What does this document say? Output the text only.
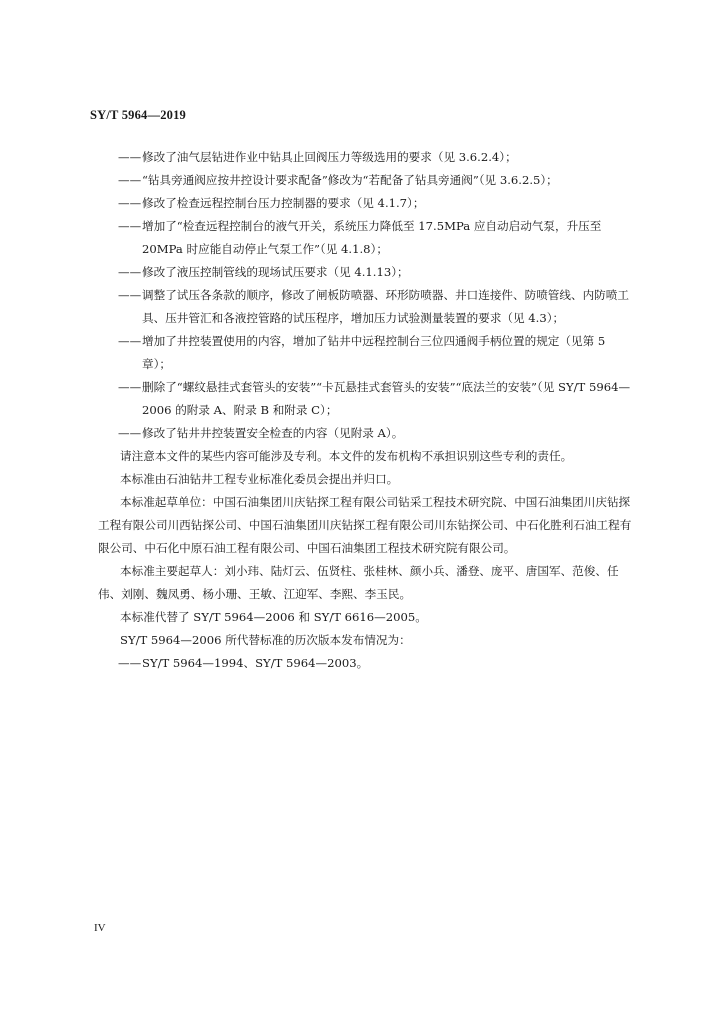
SY/T 5964—2019
—— 修改了油气层钻进作业中钻具止回阀压力等级选用的要求（见 3.6.2.4）；
—— “钻具旁通阀应按井控设计要求配备”修改为“若配备了钻具旁通阀”（见 3.6.2.5）；
—— 修改了检查远程控制台压力控制器的要求（见 4.1.7）；
—— 增加了“检查远程控制台的液气开关，系统压力降低至 17.5MPa 应自动启动气泵，升压至 20MPa 时应能自动停止气泵工作”（见 4.1.8）；
—— 修改了液压控制管线的现场试压要求（见 4.1.13）；
—— 调整了试压各条款的顺序，修改了闸板防喷器、环形防喷器、井口连接件、防喷管线、内防喷工具、压井管汇和各液控管路的试压程序，增加压力试验测量装置的要求（见 4.3）；
—— 增加了井控装置使用的内容，增加了钻井中远程控制台三位四通阀手柄位置的规定（见第 5 章）；
—— 删除了“螺纹悬挂式套管头的安装”“卡瓦悬挂式套管头的安装”“底法兰的安装”（见 SY/T 5964—2006 的附录 A、附录 B 和附录 C）；
—— 修改了钻井井控装置安全检查的内容（见附录 A）。
请注意本文件的某些内容可能涉及专利。本文件的发布机构不承担识别这些专利的责任。
本标准由石油钻井工程专业标准化委员会提出并归口。
本标准起草单位：中国石油集团川庆钻探工程有限公司钻采工程技术研究院、中国石油集团川庆钻探工程有限公司川西钻探公司、中国石油集团川庆钻探工程有限公司川东钻探公司、中石化胜利石油工程有限公司、中石化中原石油工程有限公司、中国石油集团工程技术研究院有限公司。
本标准主要起草人：刘小玮、陆灯云、伍贤柱、张桂林、颜小兵、潘登、庞平、唐国军、范俊、任伟、刘刚、魏凤勇、杨小珊、王敏、江迎军、李熙、李玉民。
本标准代替了 SY/T 5964—2006 和 SY/T 6616—2005。
SY/T 5964—2006 所代替标准的历次版本发布情况为：
—— SY/T 5964—1994、SY/T 5964—2003。
IV
